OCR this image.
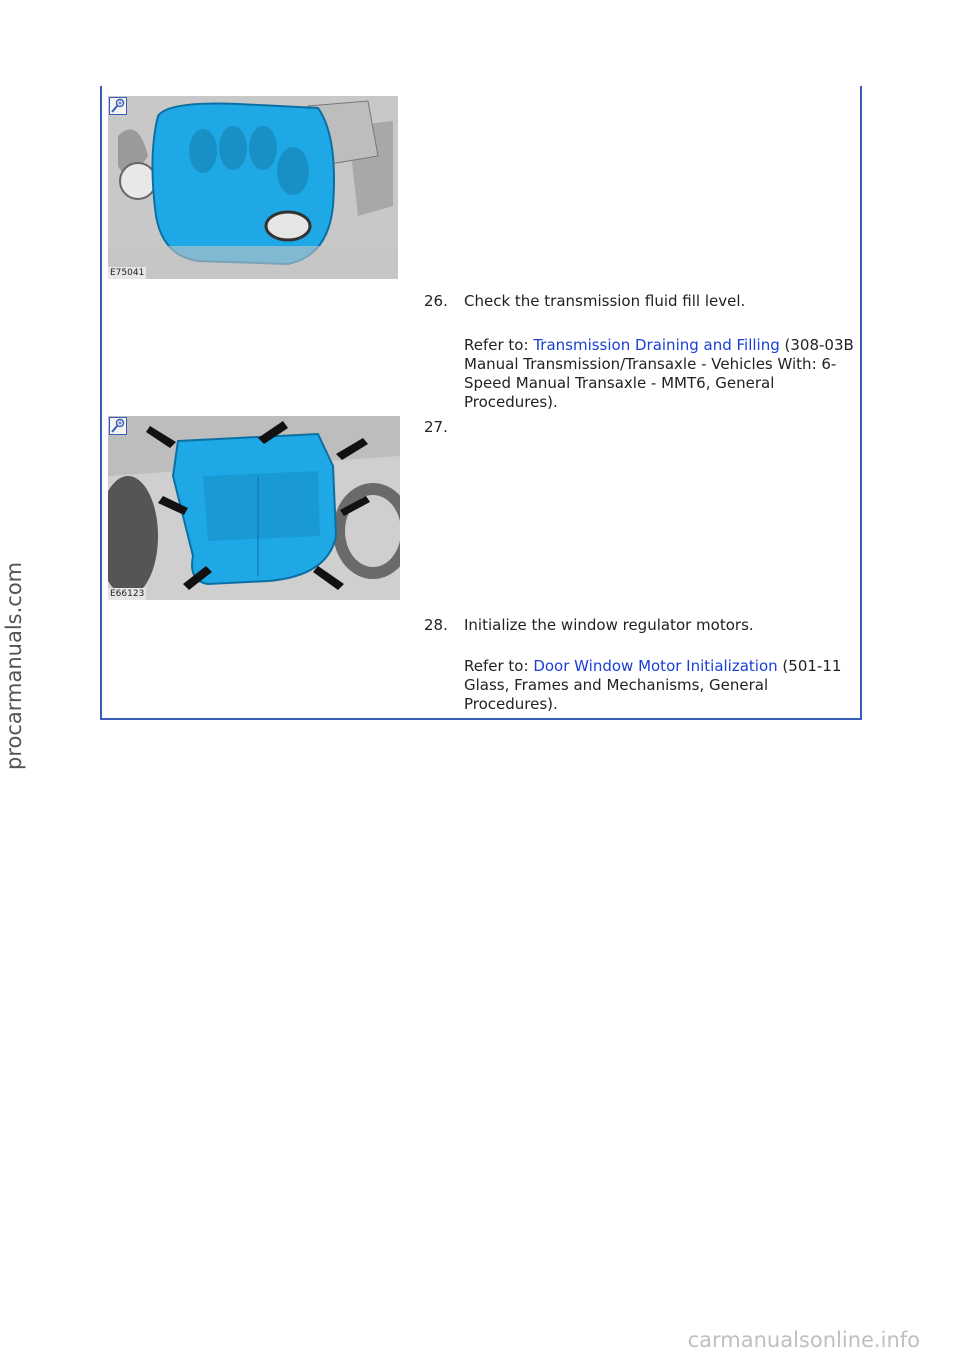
E75041
26. Check the transmission fluid fill level.
Refer to: Transmission Draining and Filling (308-03B Manual Transmission/Transaxle - Vehicles With: 6-Speed Manual Transaxle - MMT6, General Procedures).
E66123
27.
28. Initialize the window regulator motors.
Refer to: Door Window Motor Initialization (501-11 Glass, Frames and Mechanisms, General Procedures).
procarmanuals.com
carmanualsonline.info
